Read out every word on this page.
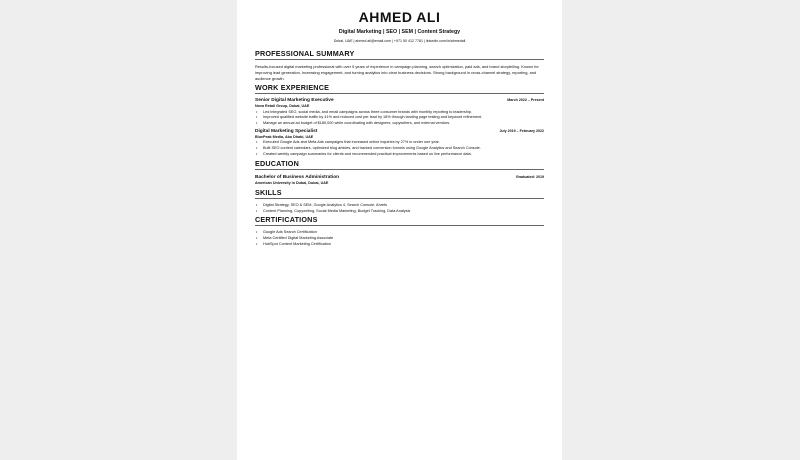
AHMED ALI
Digital Marketing | SEO | SEM | Content Strategy
Dubai, UAE | ahmed.ali@email.com | +971 50 412 7781 | linkedin.com/in/ahmedali
PROFESSIONAL SUMMARY
Results-focused digital marketing professional with over 5 years of experience in campaign planning, search optimization, paid ads, and brand storytelling. Known for improving lead generation, increasing engagement, and turning analytics into clear business decisions. Strong background in cross-channel strategy, reporting, and audience growth.
WORK EXPERIENCE
Senior Digital Marketing Executive	March 2022 – Present
Nova Retail Group, Dubai, UAE
• Led integrated SEO, social media, and email campaigns across three consumer brands with monthly reporting to leadership.
• Improved qualified website traffic by 41% and reduced cost per lead by 18% through landing page testing and keyword refinement.
• Manage an annual ad budget of $180,000 while coordinating with designers, copywriters, and external vendors.
Digital Marketing Specialist	July 2019 – February 2022
BluePeak Media, Abu Dhabi, UAE
• Executed Google Ads and Meta Ads campaigns that increased online inquiries by 27% in under one year.
• Built SEO content calendars, optimized blog articles, and tracked conversion funnels using Google Analytics and Search Console.
• Created weekly campaign summaries for clients and recommended practical improvements based on live performance data.
EDUCATION
Bachelor of Business Administration	Graduated: 2019
American University in Dubai, Dubai, UAE
SKILLS
• Digital Strategy, SEO & SEM, Google Analytics 4, Search Console, Ahrefs
• Content Planning, Copywriting, Social Media Marketing, Budget Tracking, Data Analysis
CERTIFICATIONS
• Google Ads Search Certification
• Meta Certified Digital Marketing Associate
• HubSpot Content Marketing Certification
